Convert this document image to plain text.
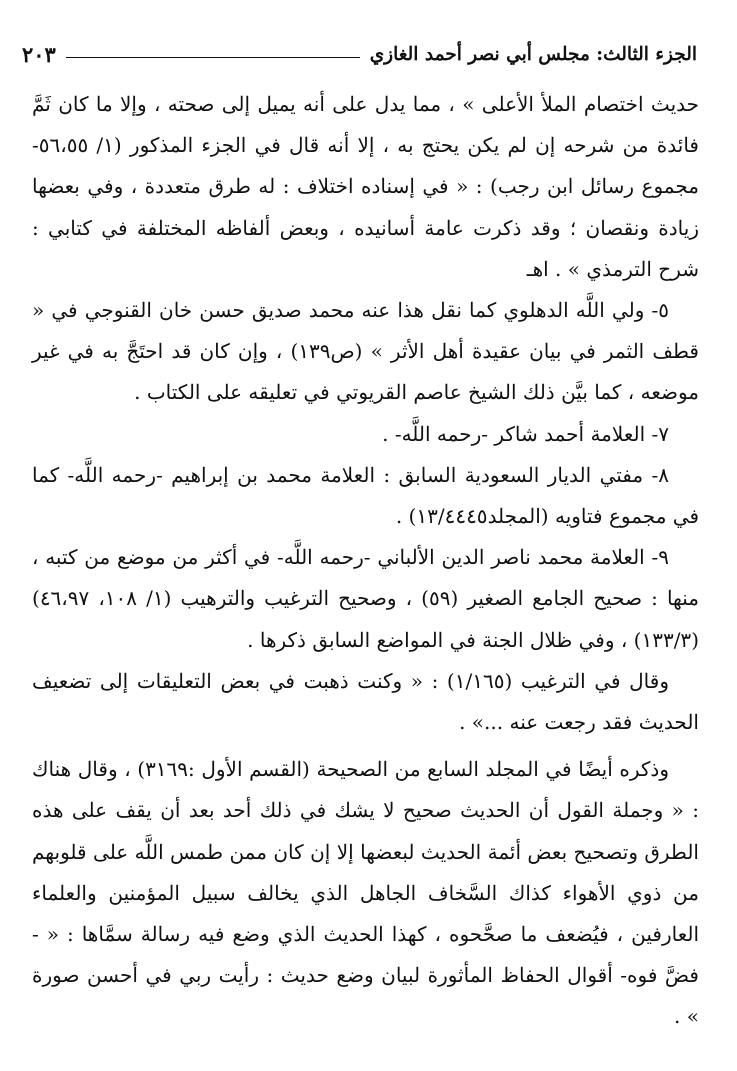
الجزء الثالث: مجلس أبي نصر أحمد الغازي
٢٠٣

حديث اختصام الملأ الأعلى » ، مما يدل على أنه يميل إلى صحته ، وإلا ما كان ثَمَّ فائدة من شرحه إن لم يكن يحتج به ، إلا أنه قال في الجزء المذكور (١/ ٥٦،٥٥- مجموع رسائل ابن رجب) : « في إسناده اختلاف : له طرق متعددة ، وفي بعضها زيادة ونقصان ؛ وقد ذكرت عامة أسانيده ، وبعض ألفاظه المختلفة في كتابي : شرح الترمذي » . اهـ

٥- ولي اللَّه الدهلوي كما نقل هذا عنه محمد صديق حسن خان القنوجي في « قطف الثمر في بيان عقيدة أهل الأثر » (ص١٣٩) ، وإن كان قد احتَجَّ به في غير موضعه ، كما بيَّن ذلك الشيخ عاصم القريوتي في تعليقه على الكتاب .

٧- العلامة أحمد شاكر -رحمه اللَّه- .

٨- مفتي الديار السعودية السابق : العلامة محمد بن إبراهيم -رحمه اللَّه- كما في مجموع فتاويه (المجلد١٣/٤٤٤٥) .

٩- العلامة محمد ناصر الدين الألباني -رحمه اللَّه- في أكثر من موضع من كتبه ، منها : صحيح الجامع الصغير (٥٩) ، وصحيح الترغيب والترهيب (١/ ١٠٨، ٤٦،٩٧) (١٣٣/٣) ، وفي ظلال الجنة في المواضع السابق ذكرها .

وقال في الترغيب (١/١٦٥) : « وكنت ذهبت في بعض التعليقات إلى تضعيف الحديث فقد رجعت عنه ...» .

وذكره أيضًا في المجلد السابع من الصحيحة (القسم الأول :٣١٦٩) ، وقال هناك : « وجملة القول أن الحديث صحيح لا يشك في ذلك أحد بعد أن يقف على هذه الطرق وتصحيح بعض أئمة الحديث لبعضها إلا إن كان ممن طمس اللَّه على قلوبهم من ذوي الأهواء كذاك السَّخاف الجاهل الذي يخالف سبيل المؤمنين والعلماء العارفين ، فيُضعف ما صحَّحوه ، كهذا الحديث الذي وضع فيه رسالة سمَّاها : « -فضَّ فوه- أقوال الحفاظ المأثورة لبيان وضع حديث : رأيت ربي في أحسن صورة » .
